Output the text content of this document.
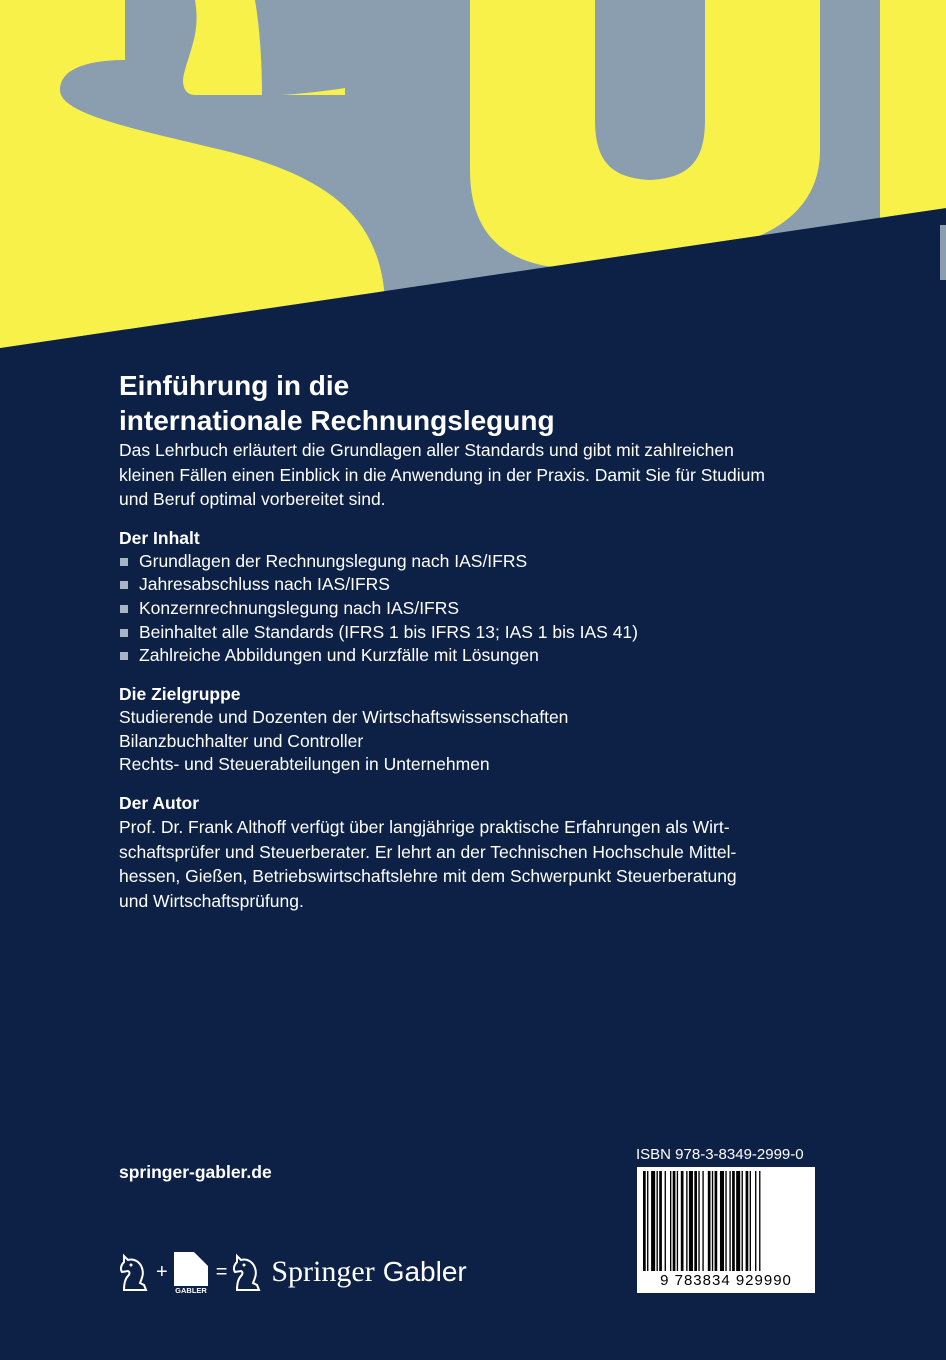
Einführung in die
internationale Rechnungslegung

Das Lehrbuch erläutert die Grundlagen aller Standards und gibt mit zahlreichen
kleinen Fällen einen Einblick in die Anwendung in der Praxis. Damit Sie für Studium
und Beruf optimal vorbereitet sind.

Der Inhalt
Grundlagen der Rechnungslegung nach IAS/IFRS
Jahresabschluss nach IAS/IFRS
Konzernrechnungslegung nach IAS/IFRS
Beinhaltet alle Standards (IFRS 1 bis IFRS 13; IAS 1 bis IAS 41)
Zahlreiche Abbildungen und Kurzfälle mit Lösungen
Die Zielgruppe
Studierende und Dozenten der Wirtschaftswissenschaften
Bilanzbuchhalter und Controller
Rechts- und Steuerabteilungen in Unternehmen
Der Autor

Prof. Dr. Frank Althoff verfügt über langjährige praktische Erfahrungen als Wirt-
schaftsprüfer und Steuerberater. Er lehrt an der Technischen Hochschule Mittel-
hessen, Gießen, Betriebswirtschaftslehre mit dem Schwerpunkt Steuerberatung
und Wirtschaftsprüfung.

springer-gabler.de
+
GABLER
= Springer Gabler
ISBN 978-3-8349-2999-0
9 783834 929990
